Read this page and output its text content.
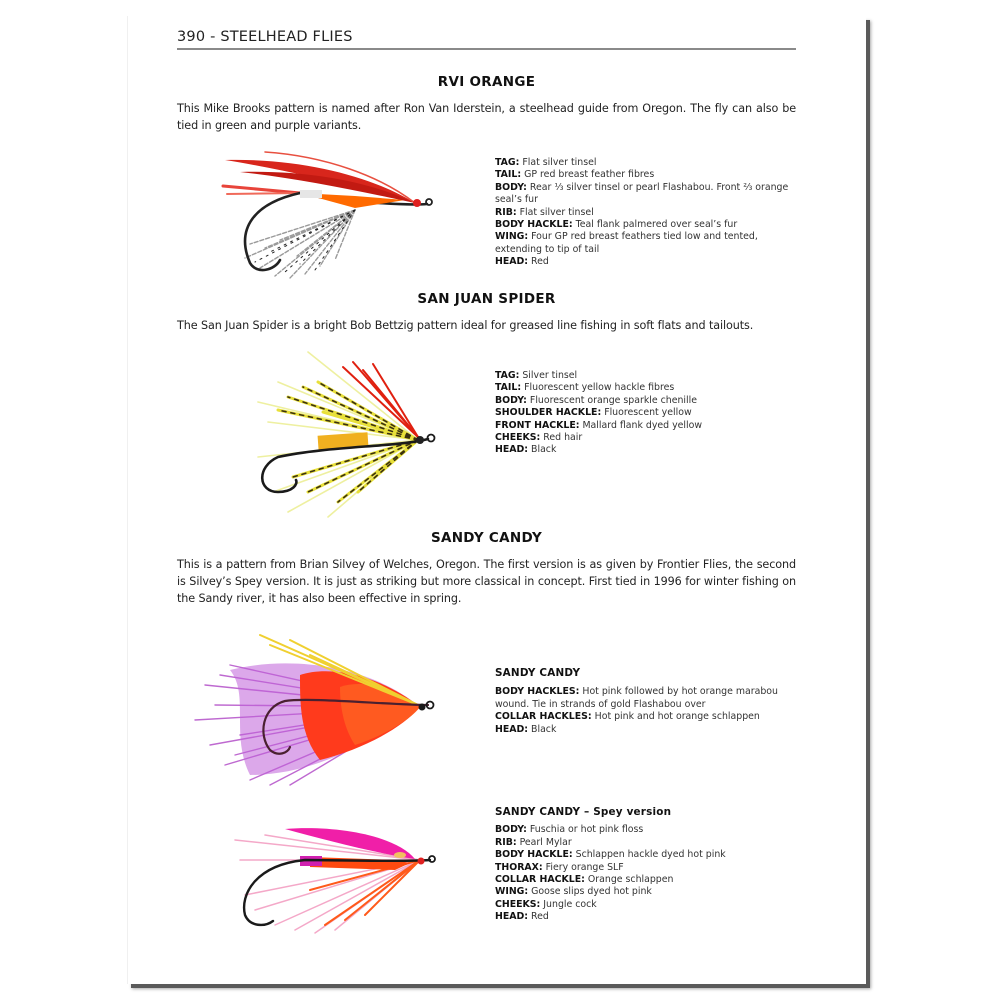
390 - STEELHEAD FLIES
RVI ORANGE
This Mike Brooks pattern is named after Ron Van Iderstein, a steelhead guide from Oregon. The fly can also be tied in green and purple variants.
TAG: Flat silver tinsel
TAIL: GP red breast feather fibres
BODY: Rear ⅓ silver tinsel or pearl Flashabou. Front ⅔ orange seal’s fur
RIB: Flat silver tinsel
BODY HACKLE: Teal flank palmered over seal’s fur
WING: Four GP red breast feathers tied low and tented, extending to tip of tail
HEAD: Red
SAN JUAN SPIDER
The San Juan Spider is a bright Bob Bettzig pattern ideal for greased line fishing in soft flats and tailouts.
TAG: Silver tinsel
TAIL: Fluorescent yellow hackle fibres
BODY: Fluorescent orange sparkle chenille
SHOULDER HACKLE: Fluorescent yellow
FRONT HACKLE: Mallard flank dyed yellow
CHEEKS: Red hair
HEAD: Black
SANDY CANDY
This is a pattern from Brian Silvey of Welches, Oregon. The first version is as given by Frontier Flies, the second is Silvey’s Spey version. It is just as striking but more classical in concept. First tied in 1996 for winter fishing on the Sandy river, it has also been effective in spring.
SANDY CANDY
BODY HACKLES: Hot pink followed by hot orange marabou wound. Tie in strands of gold Flashabou over
COLLAR HACKLES: Hot pink and hot orange schlappen
HEAD: Black
SANDY CANDY – Spey version
BODY: Fuschia or hot pink floss
RIB: Pearl Mylar
BODY HACKLE: Schlappen hackle dyed hot pink
THORAX: Fiery orange SLF
COLLAR HACKLE: Orange schlappen
WING: Goose slips dyed hot pink
CHEEKS: Jungle cock
HEAD: Red
